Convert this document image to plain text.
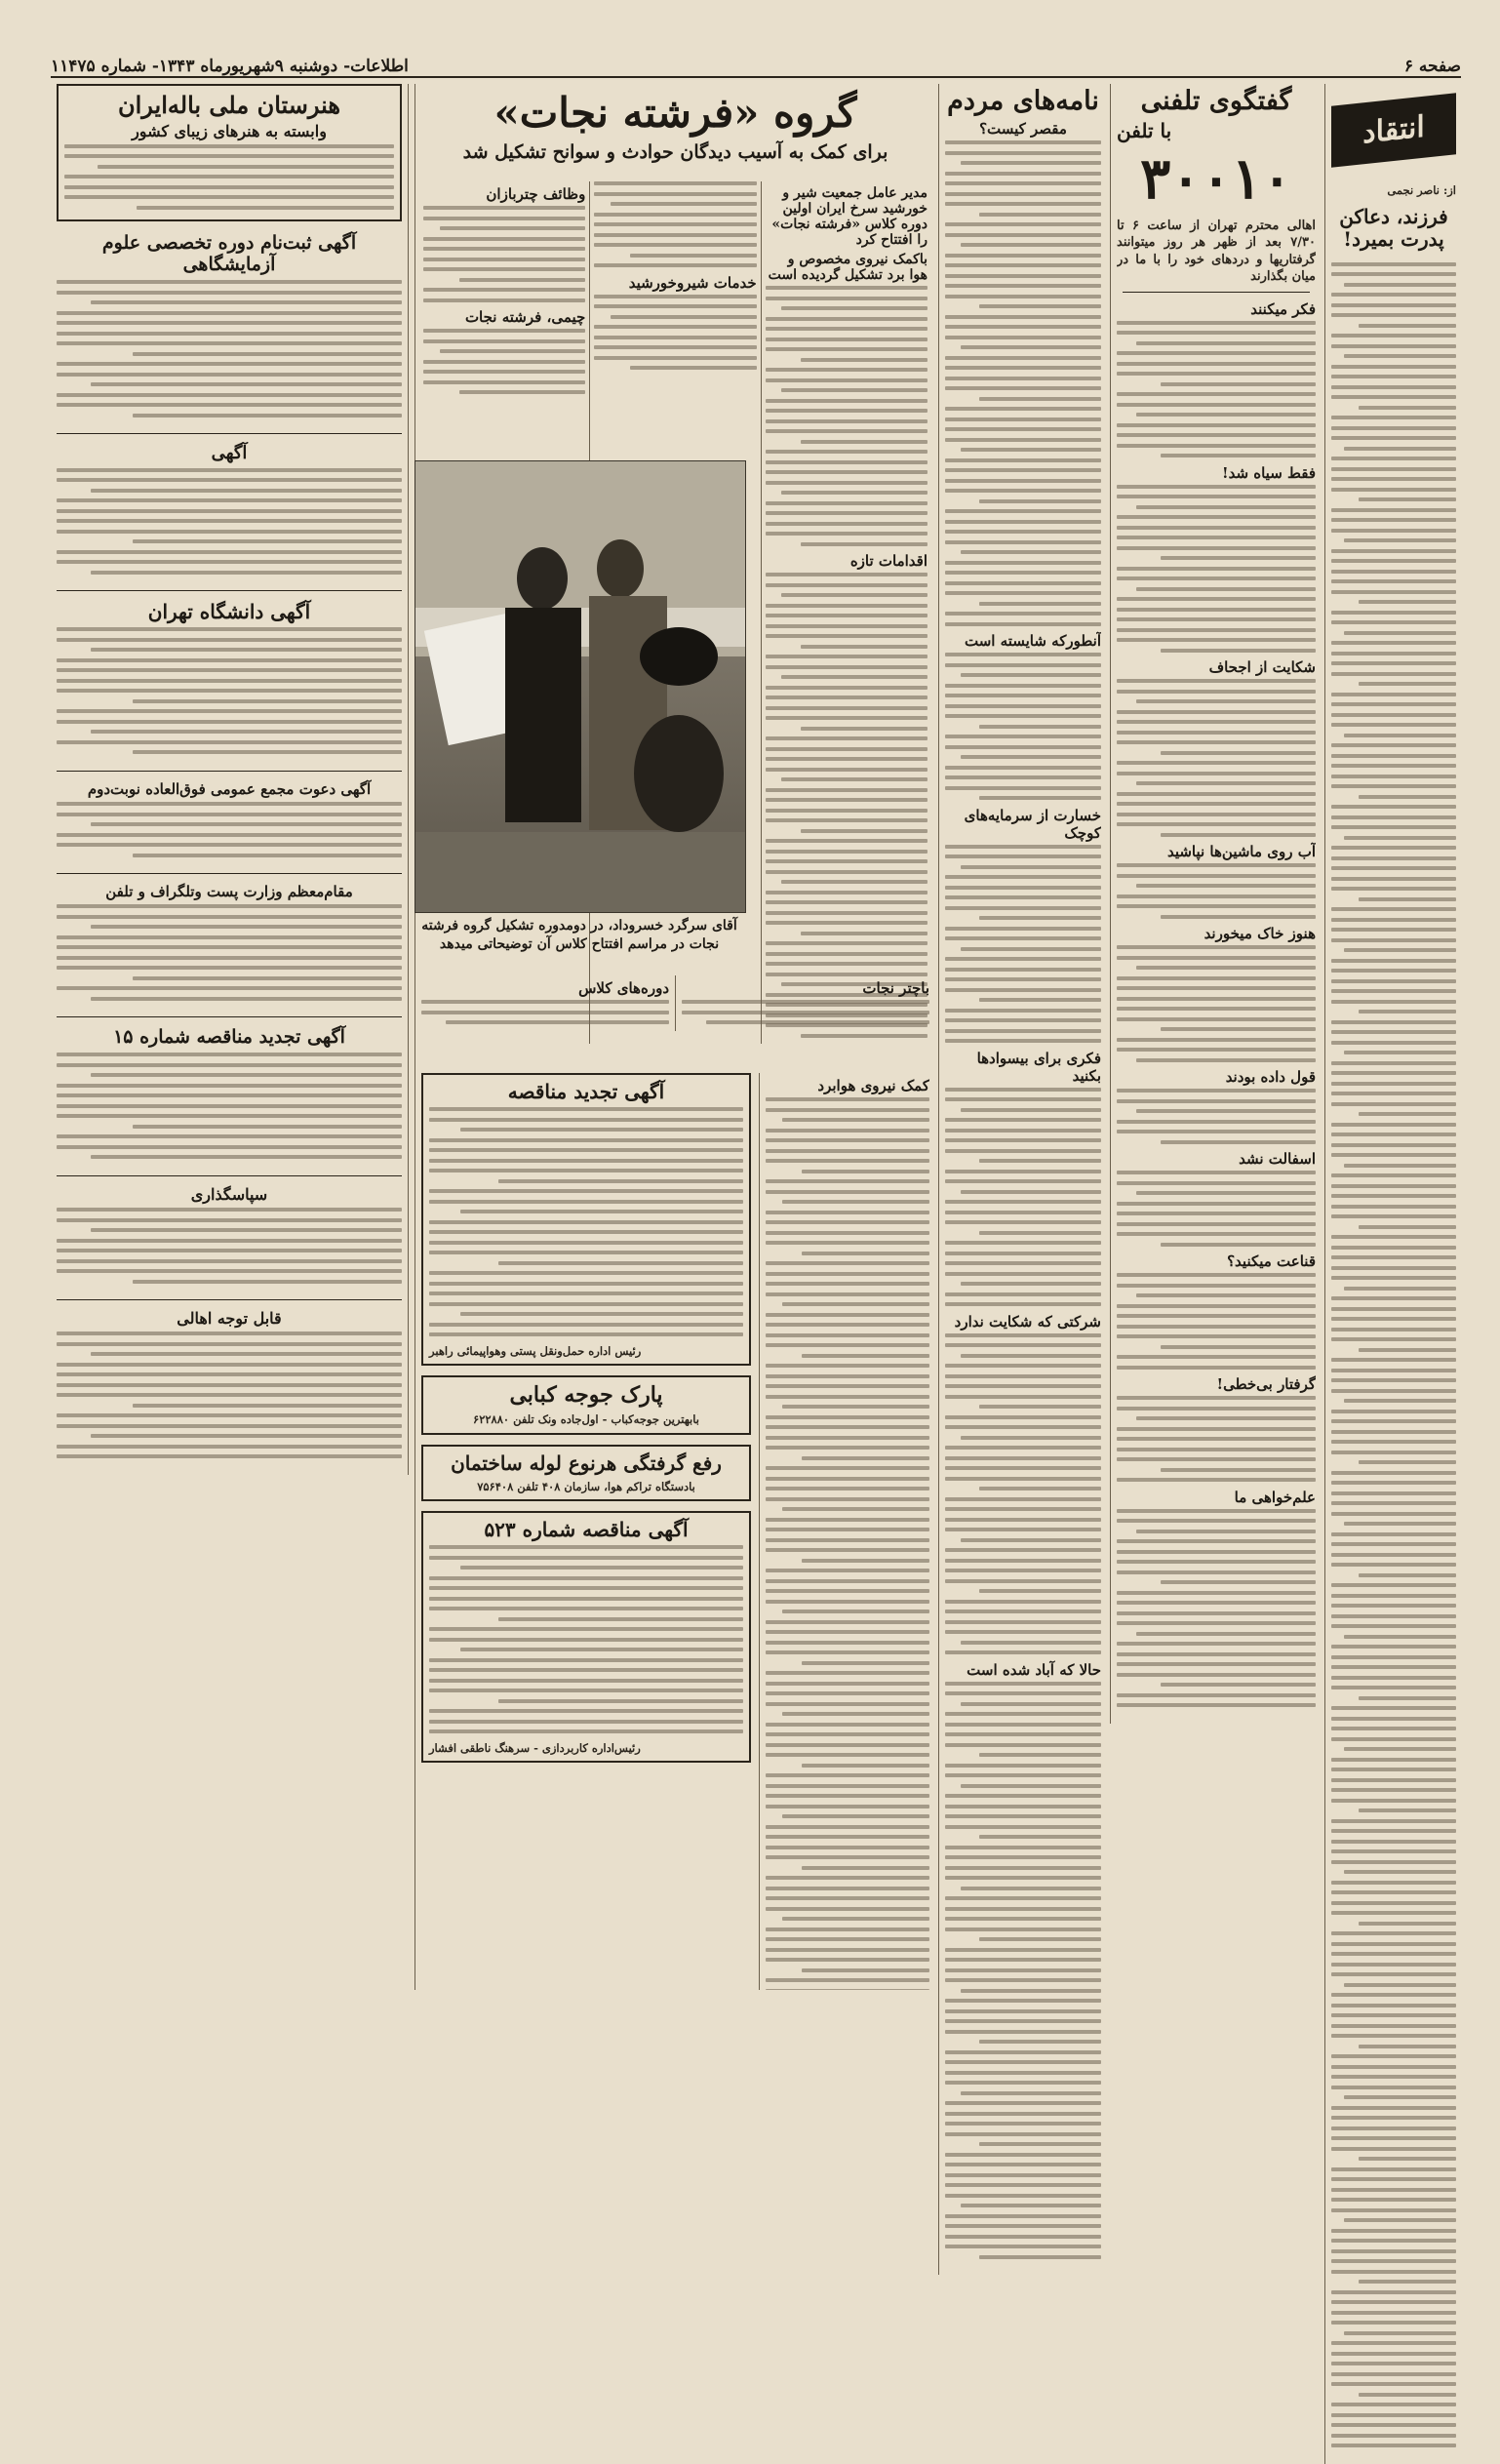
صفحه ۶
اطلاعات- دوشنبه ۹شهریورماه ۱۳۴۳- شماره ۱۱۴۷۵
انتقاد
از: ناصر نجمی
فرزند، دعاکن پدرت بمیرد!
گفتگوی تلفنی
با تلفن
۳۰۰۱۰
اهالی محترم تهران از ساعت ۶ تا ۷/۳۰ بعد از ظهر هر روز میتوانند گرفتاریها و دردهای خود را با ما در میان بگذارند
فکر میکنند
فقط سیاه شد!
شکایت از اجحاف
آب روی ماشین‌ها نپاشید
هنوز خاک میخورند
قول داده بودند
اسفالت نشد
قناعت میکنید؟
گرفتار بی‌خطی!
علم‌خواهی ما
نامه‌های مردم
مقصر کیست؟
آنطورکه شایسته است
خسارت از سرمایه‌های کوچک
فکری برای بیسوادها بکنید
شرکتی که شکایت ندارد
حالا که آباد شده است
گروه «فرشته نجات»
برای کمک به آسیب دیدگان حوادث و سوانح تشکیل شد
مدیر عامل جمعیت شیر و خورشید سرخ ایران اولین دوره کلاس «فرشته نجات» را افتتاح کرد
باکمک نیروی مخصوص و هوا برد تشکیل گردیده است
اقدامات تازه
خدمات شیروخورشید
وظائف چتربازان
چیمی، فرشته نجات
آقای سرگرد خسروداد، در دومدوره تشکیل گروه فرشته نجات در مراسم افتتاح کلاس آن توضیحاتی میدهد
باچتر نجات
دوره‌های کلاس
کمک نیروی هوابرد
آگهی تجدید مناقصه
رئیس اداره حمل‌ونقل پستی وهواپیمائی راهبر
پارک جوجه کبابی
بابهترین جوجه‌کباب - اول‌جاده ونک تلفن ۶۲۲۸۸۰
رفع گرفتگی هرنوع لوله ساختمان
بادستگاه تراکم هوا، سازمان ۴۰۸ تلفن ۷۵۶۴۰۸
آگهی مناقصه شماره ۵۲۳
رئیس‌اداره کاربردازی - سرهنگ ناطقی افشار
هنرستان ملی باله‌ایران
وابسته به هنرهای زیبای کشور
آگهی ثبت‌نام دوره تخصصی علوم آزمایشگاهی
آگهی
آگهی دانشگاه تهران
آگهی دعوت مجمع عمومی فوق‌العاده نوبت‌دوم
مقام‌معظم وزارت پست وتلگراف و تلفن
آگهی تجدید مناقصه شماره ۱۵
سپاسگذاری
قابل توجه اهالی
